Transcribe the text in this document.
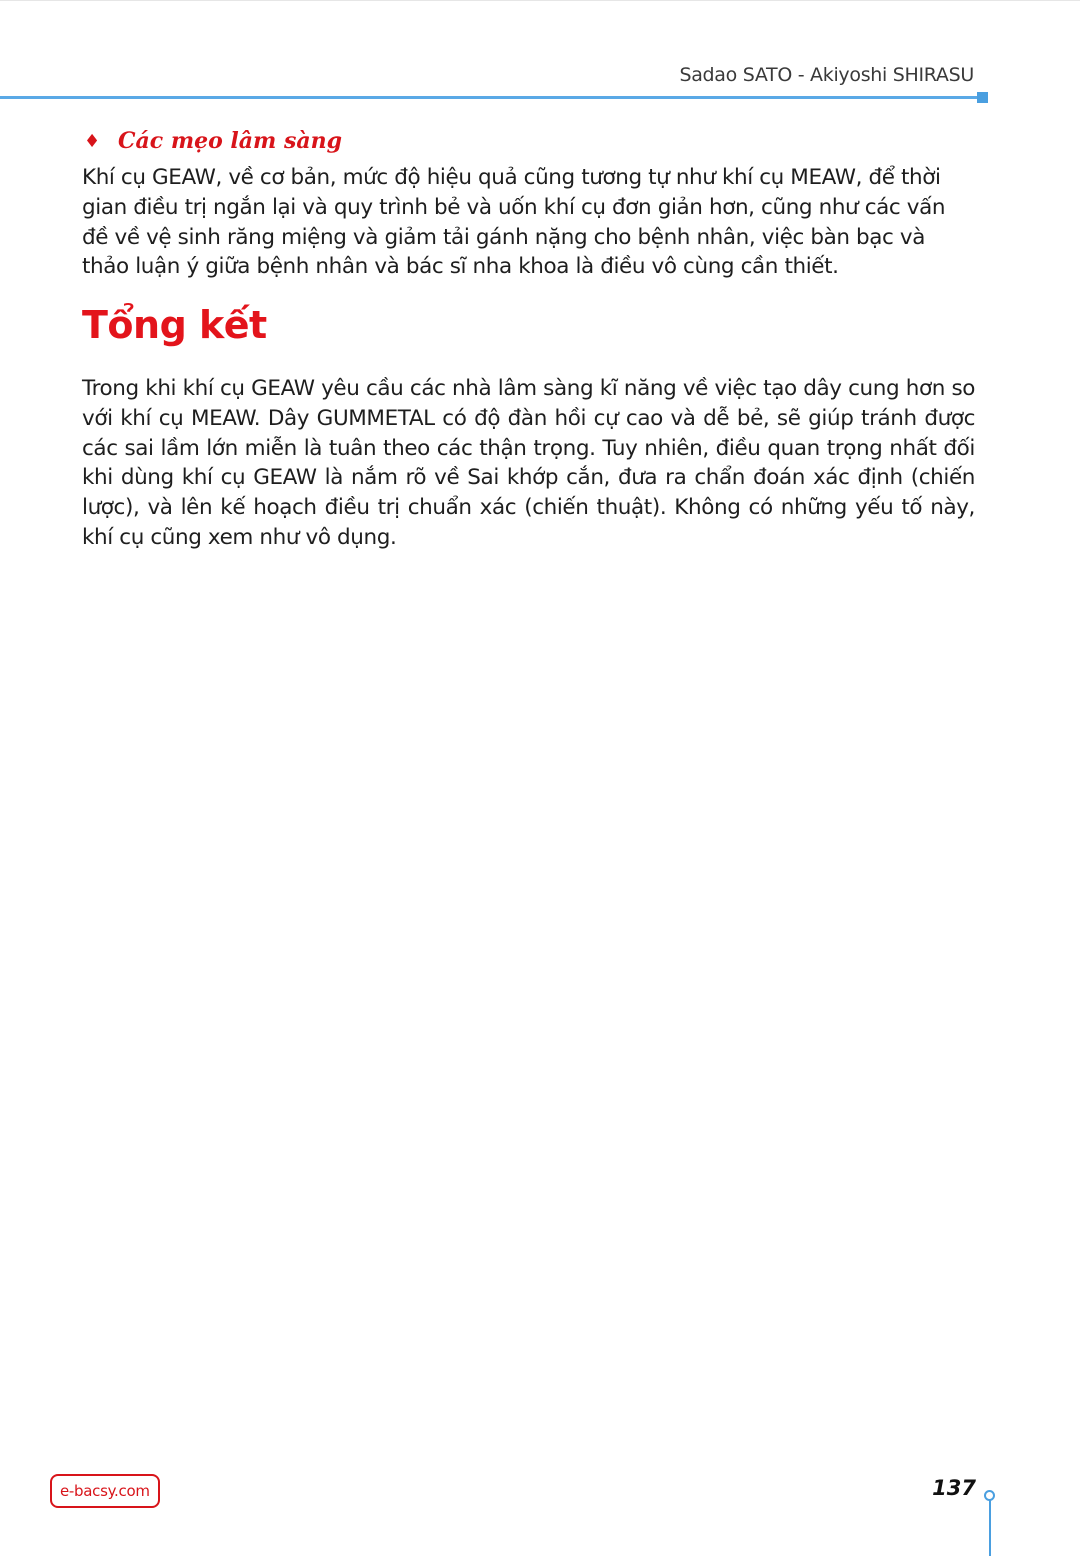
Sadao SATO - Akiyoshi SHIRASU
♦ Các mẹo lâm sàng

Khí cụ GEAW, về cơ bản, mức độ hiệu quả cũng tương tự như khí cụ MEAW, để thời gian điều trị ngắn lại và quy trình bẻ và uốn khí cụ đơn giản hơn, cũng như các vấn đề về vệ sinh răng miệng và giảm tải gánh nặng cho bệnh nhân, việc bàn bạc và thảo luận ý giữa bệnh nhân và bác sĩ nha khoa là điều vô cùng cần thiết.

Tổng kết

Trong khi khí cụ GEAW yêu cầu các nhà lâm sàng kĩ năng về việc tạo dây cung hơn so với khí cụ MEAW. Dây GUMMETAL có độ đàn hồi cự cao và dễ bẻ, sẽ giúp tránh được các sai lầm lớn miễn là tuân theo các thận trọng. Tuy nhiên, điều quan trọng nhất đối khi dùng khí cụ GEAW là nắm rõ về Sai khớp cắn, đưa ra chẩn đoán xác định (chiến lược), và lên kế hoạch điều trị chuẩn xác (chiến thuật). Không có những yếu tố này, khí cụ cũng xem như vô dụng.

e-bacsy.com	137
